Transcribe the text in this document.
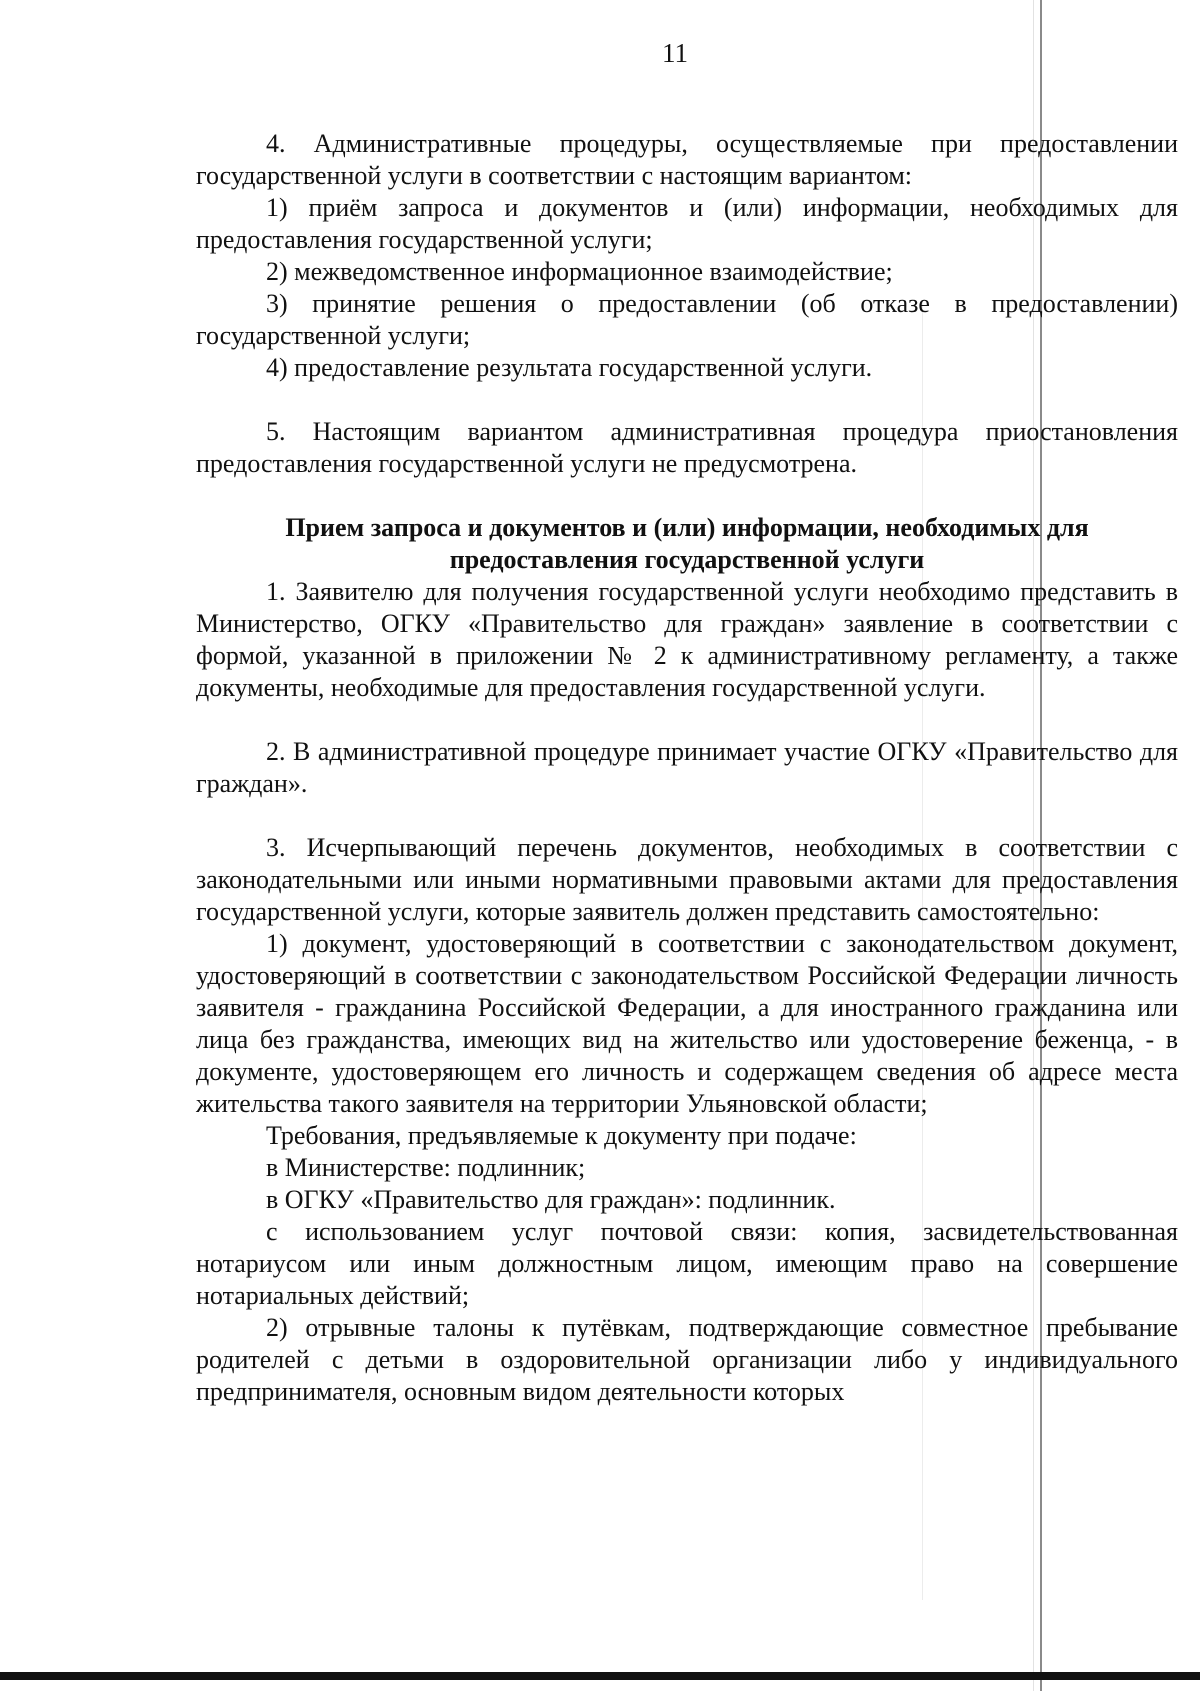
11

4. Административные процедуры, осуществляемые при предоставлении государственной услуги в соответствии с настоящим вариантом:

1) приём запроса и документов и (или) информации, необходимых для предоставления государственной услуги;

2) межведомственное информационное взаимодействие;

3) принятие решения о предоставлении (об отказе в предоставлении) государственной услуги;

4) предоставление результата государственной услуги.

5. Настоящим вариантом административная процедура приостановления предоставления государственной услуги не предусмотрена.

Прием запроса и документов и (или) информации, необходимых для предоставления государственной услуги

1. Заявителю для получения государственной услуги необходимо представить в Министерство, ОГКУ «Правительство для граждан» заявление в соответствии с формой, указанной в приложении № 2 к административному регламенту, а также документы, необходимые для предоставления государственной услуги.

2. В административной процедуре принимает участие ОГКУ «Правительство для граждан».

3. Исчерпывающий перечень документов, необходимых в соответствии с законодательными или иными нормативными правовыми актами для предоставления государственной услуги, которые заявитель должен представить самостоятельно:

1) документ, удостоверяющий в соответствии с законодательством документ, удостоверяющий в соответствии с законодательством Российской Федерации личность заявителя - гражданина Российской Федерации, а для иностранного гражданина или лица без гражданства, имеющих вид на жительство или удостоверение беженца, - в документе, удостоверяющем его личность и содержащем сведения об адресе места жительства такого заявителя на территории Ульяновской области;

Требования, предъявляемые к документу при подаче:

в Министерстве: подлинник;

в ОГКУ «Правительство для граждан»: подлинник.

с использованием услуг почтовой связи: копия, засвидетельствованная нотариусом или иным должностным лицом, имеющим право на совершение нотариальных действий;

2) отрывные талоны к путёвкам, подтверждающие совместное пребывание родителей с детьми в оздоровительной организации либо у индивидуального предпринимателя, основным видом деятельности которых
